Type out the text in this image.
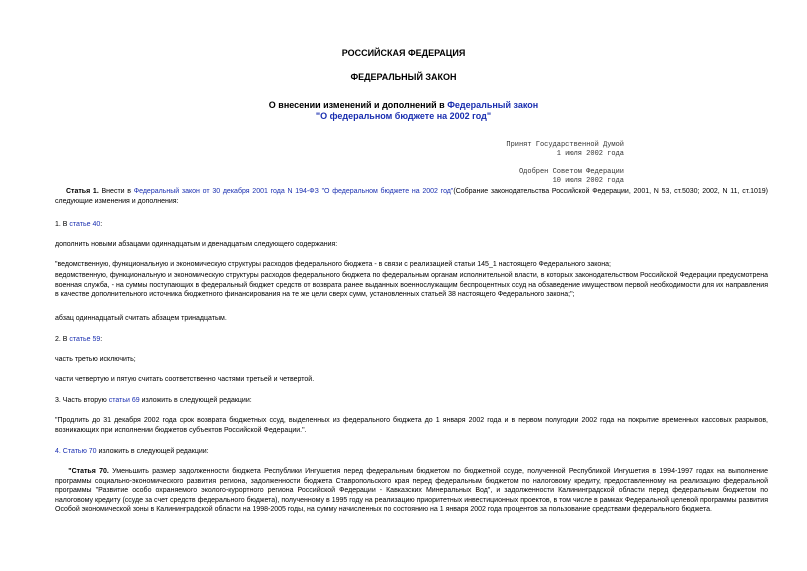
РОССИЙСКАЯ ФЕДЕРАЦИЯ
ФЕДЕРАЛЬНЫЙ ЗАКОН
О внесении изменений и дополнений в Федеральный закон
"О федеральном бюджете на 2002 год"
Принят Государственной Думой
1 июля 2002 года
Одобрен Советом Федерации
10 июля 2002 года
Статья 1. Внести в Федеральный закон от 30 декабря 2001 года N 194-ФЗ "О федеральном бюджете на 2002 год"(Собрание законодательства Российской Федерации, 2001, N 53, ст.5030; 2002, N 11, ст.1019) следующие изменения и дополнения:
1. В статье 40:
дополнить новыми абзацами одиннадцатым и двенадцатым следующего содержания:
"ведомственную, функциональную и экономическую структуры расходов федерального бюджета - в связи с реализацией статьи 145_1 настоящего Федерального закона;
ведомственную, функциональную и экономическую структуры расходов федерального бюджета по федеральным органам исполнительной власти, в которых законодательством Российской Федерации предусмотрена военная служба, - на суммы поступающих в федеральный бюджет средств от возврата ранее выданных военнослужащим беспроцентных ссуд на обзаведение имуществом первой необходимости для их направления в качестве дополнительного источника бюджетного финансирования на те же цели сверх сумм, установленных статьей 38 настоящего Федерального закона;";
абзац одиннадцатый считать абзацем тринадцатым.
2. В статье 59:
часть третью исключить;
части четвертую и пятую считать соответственно частями третьей и четвертой.
3. Часть вторую статьи 69 изложить в следующей редакции:
"Продлить до 31 декабря 2002 года срок возврата бюджетных ссуд, выделенных из федерального бюджета до 1 января 2002 года и в первом полугодии 2002 года на покрытие временных кассовых разрывов, возникающих при исполнении бюджетов субъектов Российской Федерации.".
4. Статью 70 изложить в следующей редакции:
"Статья 70. Уменьшить размер задолженности бюджета Республики Ингушетия перед федеральным бюджетом по бюджетной ссуде, полученной Республикой Ингушетия в 1994-1997 годах на выполнение программы социально-экономического развития региона, задолженности бюджета Ставропольского края перед федеральным бюджетом по налоговому кредиту, предоставленному на реализацию федеральной программы "Развитие особо охраняемого эколого-курортного региона Российской Федерации - Кавказских Минеральных Вод", и задолженности Калининградской области перед федеральным бюджетом по налоговому кредиту (ссуде за счет средств федерального бюджета), полученному в 1995 году на реализацию приоритетных инвестиционных проектов, в том числе в рамках Федеральной целевой программы развития Особой экономической зоны в Калининградской области на 1998-2005 годы, на сумму начисленных по состоянию на 1 января 2002 года процентов за пользование средствами федерального бюджета.
